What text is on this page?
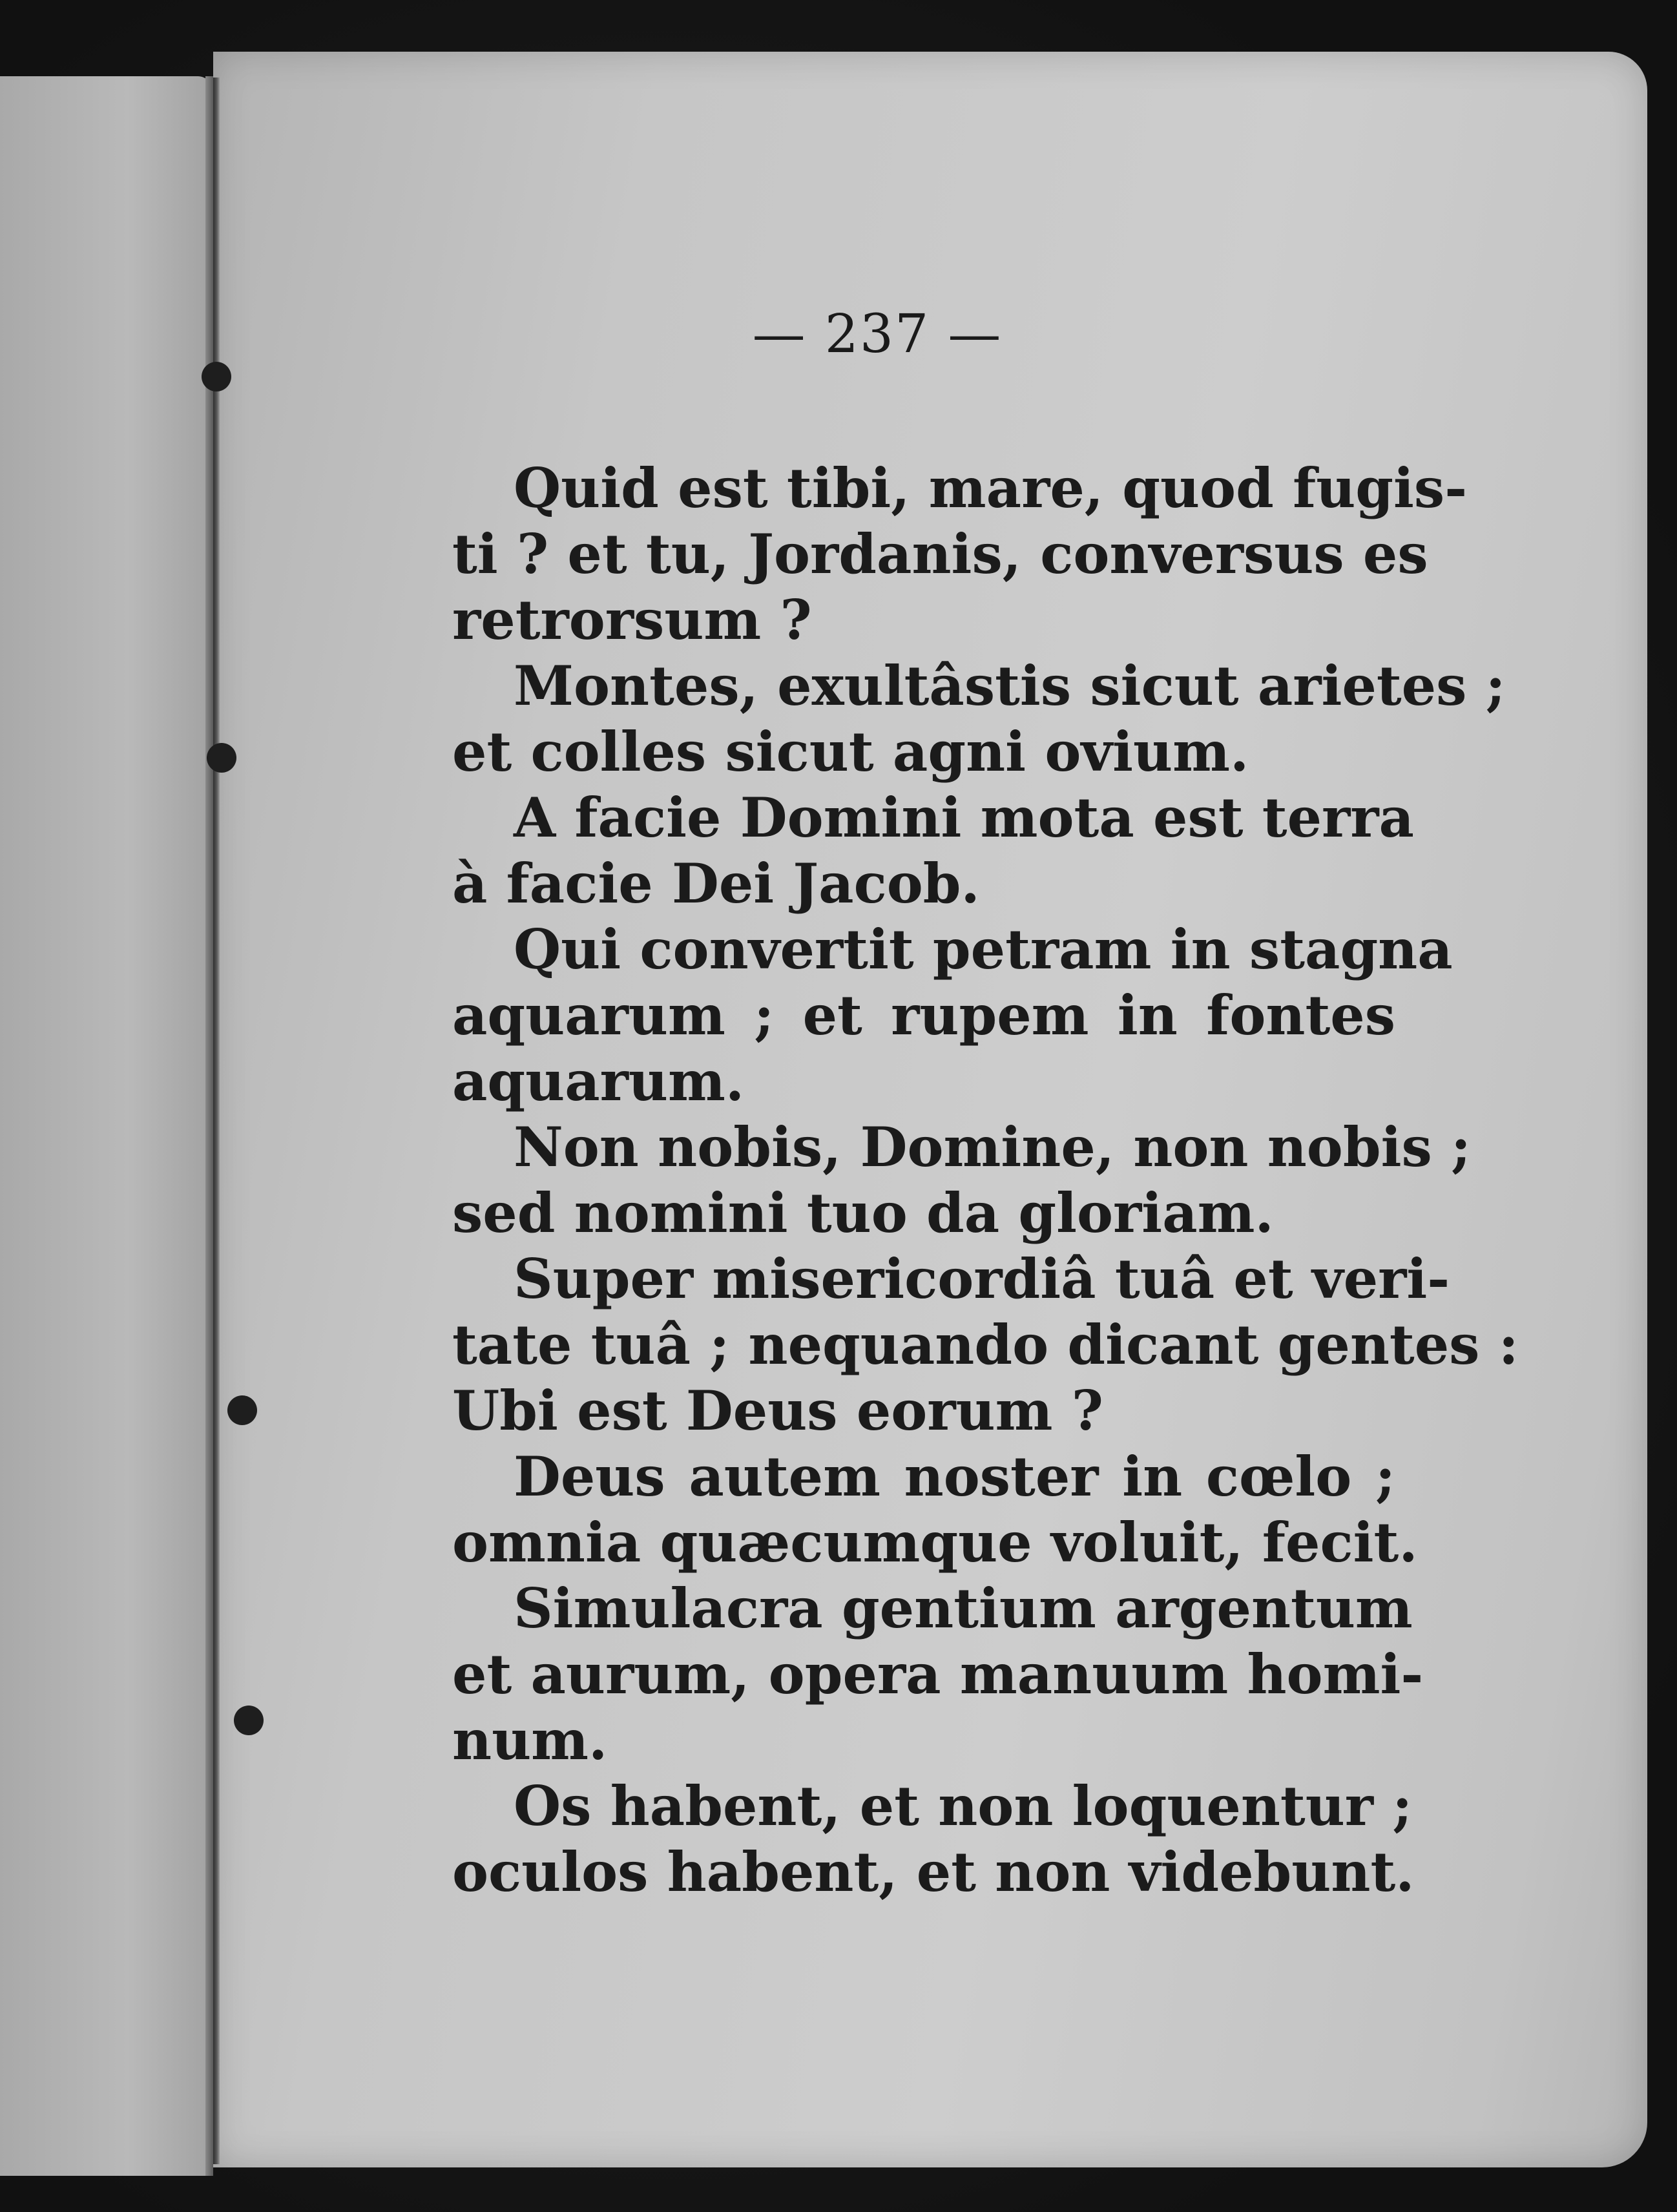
— 237 —

Quid est tibi, mare, quod fugis-
ti ? et tu, Jordanis, conversus es
retrorsum ?

Montes, exultâstis sicut arietes ;
et colles sicut agni ovium.

A facie Domini mota est terra
à facie Dei Jacob.

Qui convertit petram in stagna
aquarum ; et rupem in fontes
aquarum.

Non nobis, Domine, non nobis ;
sed nomini tuo da gloriam.

Super misericordiâ tuâ et veri-
tate tuâ ; nequando dicant gentes :
Ubi est Deus eorum ?

Deus autem noster in cœlo ;
omnia quæcumque voluit, fecit.

Simulacra gentium argentum
et aurum, opera manuum homi-
num.

Os habent, et non loquentur ;
oculos habent, et non videbunt.
